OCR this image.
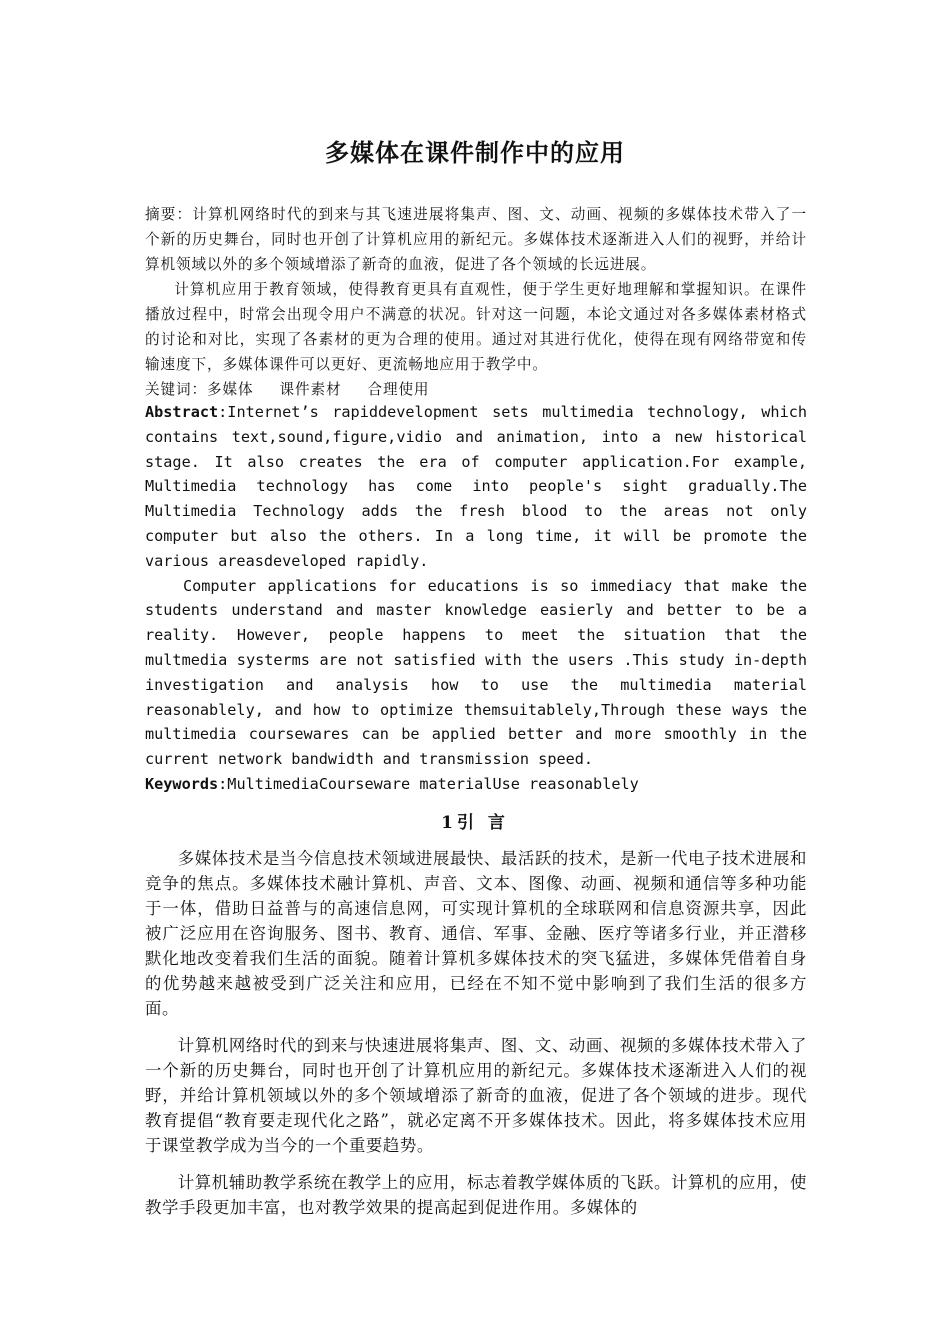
多媒体在课件制作中的应用

摘要：计算机网络时代的到来与其飞速进展将集声、图、文、动画、视频的多媒体技术带入了一个新的历史舞台，同时也开创了计算机应用的新纪元。多媒体技术逐渐进入人们的视野，并给计算机领域以外的多个领域增添了新奇的血液，促进了各个领域的长远进展。

计算机应用于教育领域，使得教育更具有直观性，便于学生更好地理解和掌握知识。在课件播放过程中，时常会出现令用户不满意的状况。针对这一问题，本论文通过对各多媒体素材格式的讨论和对比，实现了各素材的更为合理的使用。通过对其进行优化，使得在现有网络带宽和传输速度下，多媒体课件可以更好、更流畅地应用于教学中。

关键词：多媒体 课件素材 合理使用

Abstract:Internet’s rapiddevelopment sets multimedia technology, which contains text,sound,figure,vidio and animation, into a new historical stage. It also creates the era of computer application.For example, Multimedia technology has come into people's sight gradually.The Multimedia Technology adds the fresh blood to the areas not only computer but also the others. In a long time, it will be promote the various areasdeveloped rapidly.

Computer applications for educations is so immediacy that make the students understand and master knowledge easierly and better to be a reality. However, people happens to meet the situation that the multmedia systerms are not satisfied with the users .This study in-depth investigation and analysis how to use the multimedia material reasonablely, and how to optimize themsuitablely,Through these ways the multimedia coursewares can be applied better and more smoothly in the current network bandwidth and transmission speed.

Keywords:MultimediaCourseware materialUse reasonablely

1引 言

多媒体技术是当今信息技术领域进展最快、最活跃的技术，是新一代电子技术进展和竞争的焦点。多媒体技术融计算机、声音、文本、图像、动画、视频和通信等多种功能于一体，借助日益普与的高速信息网，可实现计算机的全球联网和信息资源共享，因此被广泛应用在咨询服务、图书、教育、通信、军事、金融、医疗等诸多行业，并正潜移默化地改变着我们生活的面貌。随着计算机多媒体技术的突飞猛进，多媒体凭借着自身的优势越来越被受到广泛关注和应用，已经在不知不觉中影响到了我们生活的很多方面。

计算机网络时代的到来与快速进展将集声、图、文、动画、视频的多媒体技术带入了一个新的历史舞台，同时也开创了计算机应用的新纪元。多媒体技术逐渐进入人们的视野，并给计算机领域以外的多个领域增添了新奇的血液，促进了各个领域的进步。现代教育提倡“教育要走现代化之路”，就必定离不开多媒体技术。因此，将多媒体技术应用于课堂教学成为当今的一个重要趋势。

计算机辅助教学系统在教学上的应用，标志着教学媒体质的飞跃。计算机的应用，使教学手段更加丰富，也对教学效果的提高起到促进作用。多媒体的
